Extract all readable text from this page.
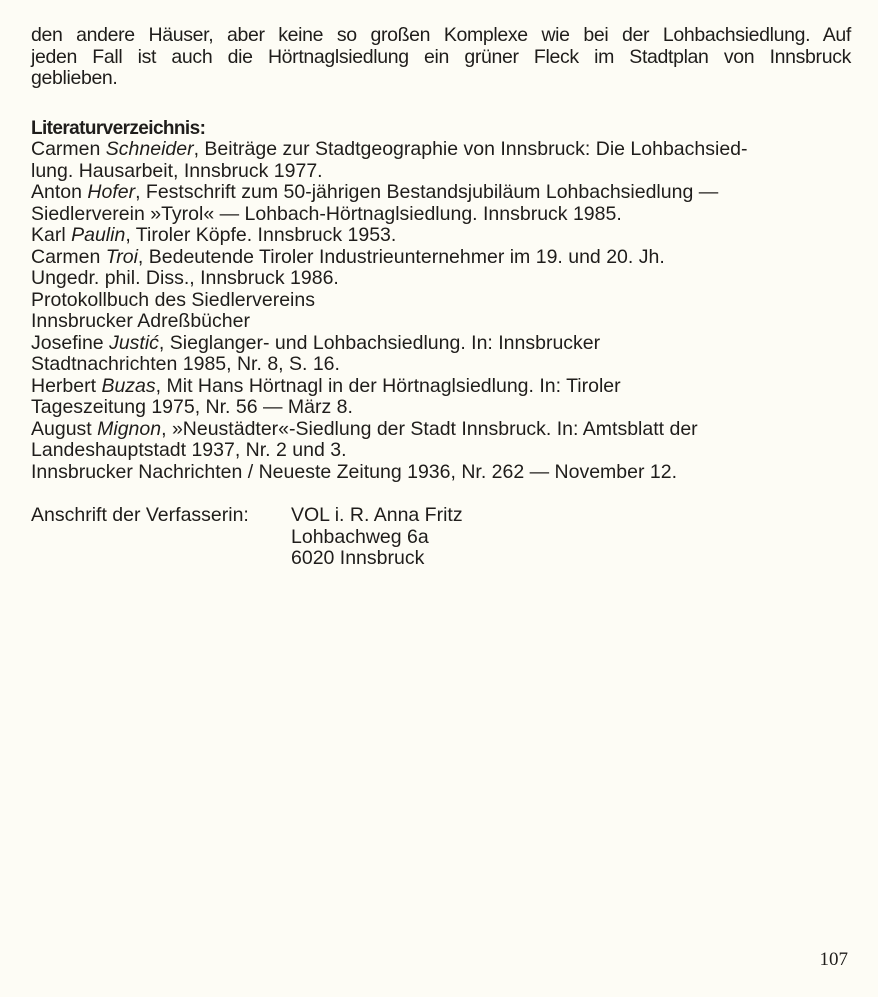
den andere Häuser, aber keine so großen Komplexe wie bei der Lohbachsiedlung. Auf
jeden Fall ist auch die Hörtnaglsiedlung ein grüner Fleck im Stadtplan von Innsbruck
geblieben.

Literaturverzeichnis:
Carmen Schneider, Beiträge zur Stadtgeographie von Innsbruck: Die Lohbachsied-
lung. Hausarbeit, Innsbruck 1977.
Anton Hofer, Festschrift zum 50-jährigen Bestandsjubiläum Lohbachsiedlung —
Siedlerverein »Tyrol« — Lohbach-Hörtnaglsiedlung. Innsbruck 1985.
Karl Paulin, Tiroler Köpfe. Innsbruck 1953.
Carmen Troi, Bedeutende Tiroler Industrieunternehmer im 19. und 20. Jh.
Ungedr. phil. Diss., Innsbruck 1986.
Protokollbuch des Siedlervereins
Innsbrucker Adreßbücher
Josefine Justić, Sieglanger- und Lohbachsiedlung. In: Innsbrucker
Stadtnachrichten 1985, Nr. 8, S. 16.
Herbert Buzas, Mit Hans Hörtnagl in der Hörtnaglsiedlung. In: Tiroler
Tageszeitung 1975, Nr. 56 — März 8.
August Mignon, »Neustädter«-Siedlung der Stadt Innsbruck. In: Amtsblatt der
Landeshauptstadt 1937, Nr. 2 und 3.
Innsbrucker Nachrichten / Neueste Zeitung 1936, Nr. 262 — November 12.
Anschrift der Verfasserin:	VOL i. R. Anna Fritz
Lohbachweg 6a
6020 Innsbruck
107
